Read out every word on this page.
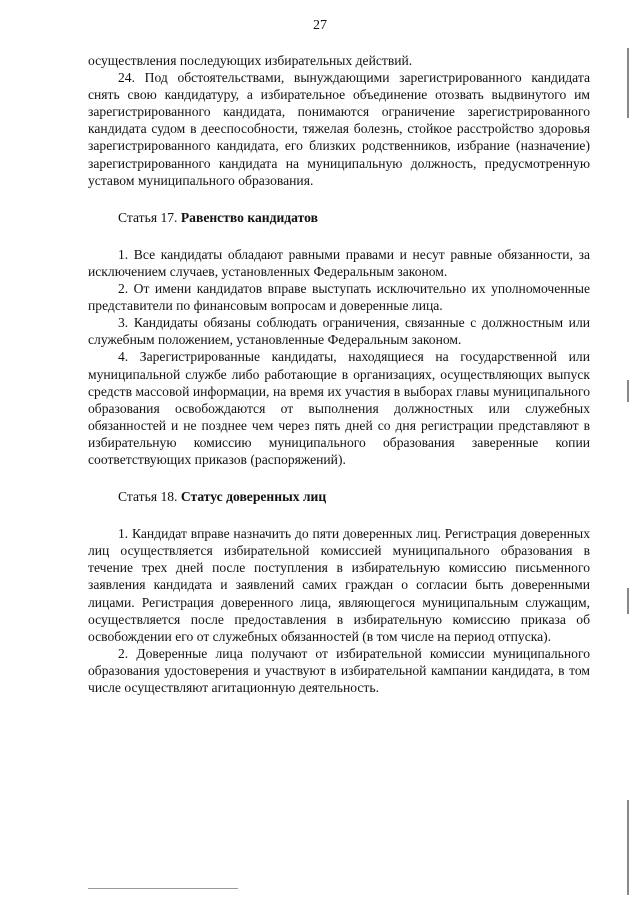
27

осуществления последующих избирательных действий.

24. Под обстоятельствами, вынуждающими зарегистрированного кандидата снять свою кандидатуру, а избирательное объединение отозвать выдвинутого им зарегистрированного кандидата, понимаются ограничение зарегистрированного кандидата судом в дееспособности, тяжелая болезнь, стойкое расстройство здоровья зарегистрированного кандидата, его близких родственников, избрание (назначение) зарегистрированного кандидата на муниципальную должность, предусмотренную уставом муниципального образования.

Статья 17. Равенство кандидатов

1. Все кандидаты обладают равными правами и несут равные обязанности, за исключением случаев, установленных Федеральным законом.

2. От имени кандидатов вправе выступать исключительно их уполномоченные представители по финансовым вопросам и доверенные лица.

3. Кандидаты обязаны соблюдать ограничения, связанные с должностным или служебным положением, установленные Федеральным законом.

4. Зарегистрированные кандидаты, находящиеся на государственной или муниципальной службе либо работающие в организациях, осуществляющих выпуск средств массовой информации, на время их участия в выборах главы муниципального образования освобождаются от выполнения должностных или служебных обязанностей и не позднее чем через пять дней со дня регистрации представляют в избирательную комиссию муниципального образования заверенные копии соответствующих приказов (распоряжений).

Статья 18. Статус доверенных лиц

1. Кандидат вправе назначить до пяти доверенных лиц. Регистрация доверенных лиц осуществляется избирательной комиссией муниципального образования в течение трех дней после поступления в избирательную комиссию письменного заявления кандидата и заявлений самих граждан о согласии быть доверенными лицами. Регистрация доверенного лица, являющегося муниципальным служащим, осуществляется после предоставления в избирательную комиссию приказа об освобождении его от служебных обязанностей (в том числе на период отпуска).

2. Доверенные лица получают от избирательной комиссии муниципального образования удостоверения и участвуют в избирательной кампании кандидата, в том числе осуществляют агитационную деятельность.
